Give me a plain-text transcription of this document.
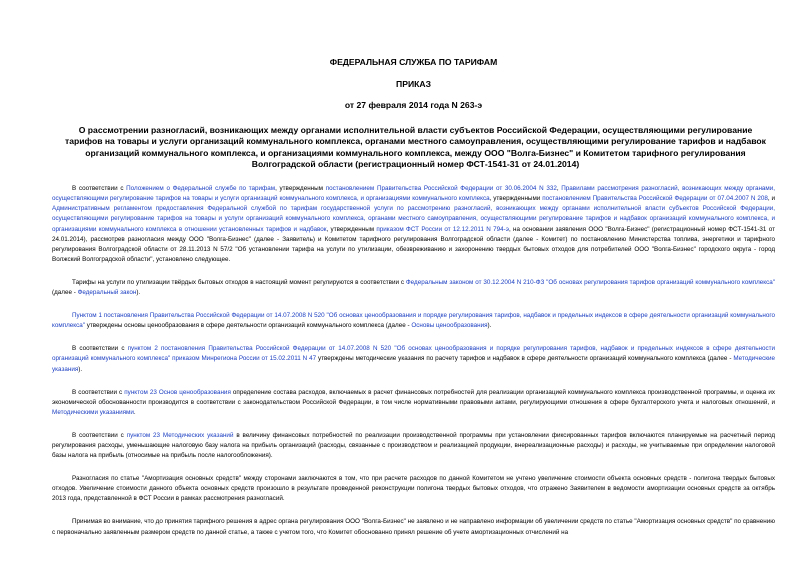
ФЕДЕРАЛЬНАЯ СЛУЖБА ПО ТАРИФАМ
ПРИКАЗ
от 27 февраля 2014 года N 263-э
О рассмотрении разногласий, возникающих между органами исполнительной власти субъектов Российской Федерации, осуществляющими регулирование тарифов на товары и услуги организаций коммунального комплекса, органами местного самоуправления, осуществляющими регулирование тарифов и надбавок организаций коммунального комплекса, и организациями коммунального комплекса, между ООО "Волга-Бизнес" и Комитетом тарифного регулирования Волгоградской области (регистрационный номер ФСТ-1541-31 от 24.01.2014)

В соответствии с Положением о Федеральной службе по тарифам, утвержденным постановлением Правительства Российской Федерации от 30.06.2004 N 332, Правилами рассмотрения разногласий, возникающих между органами, осуществляющими регулирование тарифов на товары и услуги организаций коммунального комплекса, и организациями коммунального комплекса, утвержденными постановлением Правительства Российской Федерации от 07.04.2007 N 208, и Административным регламентом предоставления Федеральной службой по тарифам государственной услуги по рассмотрению разногласий, возникающих между органами исполнительной власти субъектов Российской Федерации, осуществляющими регулирование тарифов на товары и услуги организаций коммунального комплекса, органами местного самоуправления, осуществляющими регулирование тарифов и надбавок организаций коммунального комплекса, и организациями коммунального комплекса в отношении установленных тарифов и надбавок, утвержденным приказом ФСТ России от 12.12.2011 N 794-э, на основании заявления ООО "Волга-Бизнес" (регистрационный номер ФСТ-1541-31 от 24.01.2014), рассмотрев разногласия между ООО "Волга-Бизнес" (далее - Заявитель) и Комитетом тарифного регулирования Волгоградской области (далее - Комитет) по постановлению Министерства топлива, энергетики и тарифного регулирования Волгоградской области от 28.11.2013 N 57/2 "Об установлении тарифа на услуги по утилизации, обезвреживанию и захоронению твердых бытовых отходов для потребителей ООО "Волга-Бизнес" городского округа - город Волжский Волгоградской области", установлено следующее.

Тарифы на услуги по утилизации твёрдых бытовых отходов в настоящий момент регулируются в соответствии с Федеральным законом от 30.12.2004 N 210-ФЗ "Об основах регулирования тарифов организаций коммунального комплекса" (далее - Федеральный закон).

Пунктом 1 постановления Правительства Российской Федерации от 14.07.2008 N 520 "Об основах ценообразования и порядке регулирования тарифов, надбавок и предельных индексов в сфере деятельности организаций коммунального комплекса" утверждены основы ценообразования в сфере деятельности организаций коммунального комплекса (далее - Основы ценообразования).

В соответствии с пунктом 2 постановления Правительства Российской Федерации от 14.07.2008 N 520 "Об основах ценообразования и порядке регулирования тарифов, надбавок и предельных индексов в сфере деятельности организаций коммунального комплекса" приказом Минрегиона России от 15.02.2011 N 47 утверждены методические указания по расчету тарифов и надбавок в сфере деятельности организаций коммунального комплекса (далее - Методические указания).

В соответствии с пунктом 23 Основ ценообразования определение состава расходов, включаемых в расчет финансовых потребностей для реализации организацией коммунального комплекса производственной программы, и оценка их экономической обоснованности производится в соответствии с законодательством Российской Федерации, в том числе нормативными правовыми актами, регулирующими отношения в сфере бухгалтерского учета и налоговых отношений, и Методическими указаниями.

В соответствии с пунктом 23 Методических указаний в величину финансовых потребностей по реализации производственной программы при установлении фиксированных тарифов включаются планируемые на расчетный период регулирования расходы, уменьшающие налоговую базу налога на прибыль организаций (расходы, связанные с производством и реализацией продукции, внереализационные расходы) и расходы, не учитываемые при определении налоговой базы налога на прибыль (относимые на прибыль после налогообложения).

Разногласия по статье "Амортизация основных средств" между сторонами заключаются в том, что при расчете расходов по данной Комитетом не учтено увеличение стоимости объекта основных средств - полигона твердых бытовых отходов. Увеличение стоимости данного объекта основных средств произошло в результате проведенной реконструкции полигона твердых бытовых отходов, что отражено Заявителем в ведомости амортизации основных средств за октябрь 2013 года, представленной в ФСТ России в рамках рассмотрения разногласий.

Принимая во внимание, что до принятия тарифного решения в адрес органа регулирования ООО "Волга-Бизнес" не заявлено и не направлено информации об увеличении средств по статье "Амортизация основных средств" по сравнению с первоначально заявленным размером средств по данной статье, а также с учетом того, что Комитет обоснованно принял решение об учете амортизационных отчислений на
